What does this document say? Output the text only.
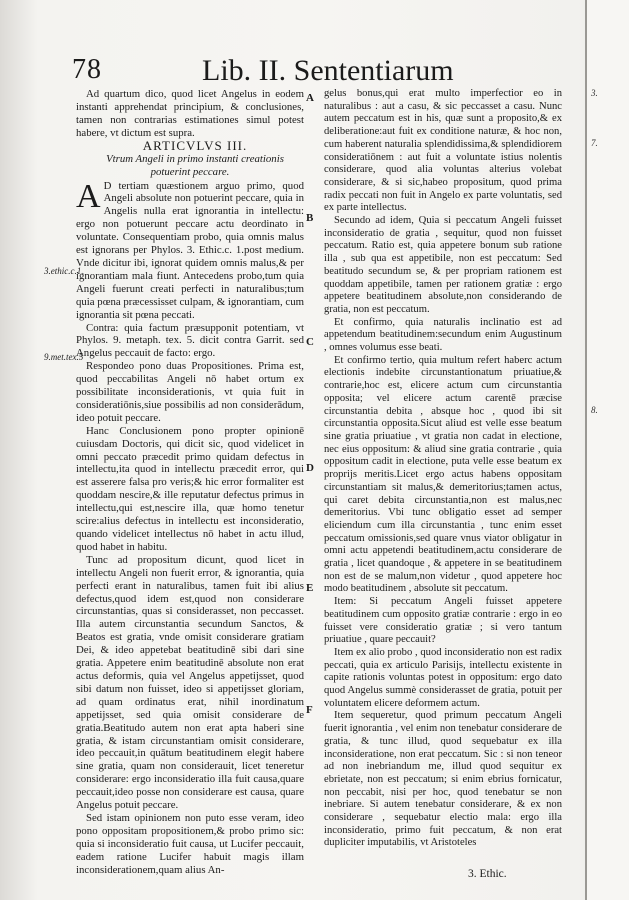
3.
7.
8.
78	Lib. II. Sententiarum
3.ethic.c.1.
9.met.tex.5
A
B
C
D
E
F

Ad quartum dico, quod licet Angelus in eodem instanti apprehendat principium, & conclusiones, tamen non contrarias estimationes simul potest habere, vt dictum est supra.

ARTICVLVS III.

Vtrum Angeli in primo instanti creationis potuerint peccare.

A D tertiam quæstionem arguo primo, quod Angeli absolute non potuerint peccare, quia in Angelis nulla erat ignorantia in intellectu: ergo non potuerunt peccare actu deordinato in voluntate. Consequentiam probo, quia omnis malus est ignorans per Phylos. 3. Ethic.c. 1.post medium. Vnde dicitur ibi, ignorat quidem omnis malus,& per ignorantiam mala fiunt. Antecedens probo,tum quia Angeli fuerunt creati perfecti in naturalibus;tum quia pœna præcessisset culpam, & ignorantiam, cum ignorantia sit pœna peccati.

Contra: quia factum præsupponit potentiam, vt Phylos. 9. metaph. tex. 5. dicit contra Garrit. sed Angelus peccauit de facto: ergo.

Respondeo pono duas Propositiones. Prima est, quod peccabilitas Angeli nō habet ortum ex possibilitate inconsiderationis, vt quia fuit in consideratiōnis,siue possibilis ad non considerādum, ideo potuit peccare.

Hanc Conclusionem pono propter opinionē cuiusdam Doctoris, qui dicit sic, quod videlicet in omni peccato præcedit primo quidam defectus in intellectu,ita quod in intellectu præcedit error, qui est asserere falsa pro veris;& hic error formaliter est quoddam nescire,& ille reputatur defectus primus in intellectu,qui est,nescire illa, quæ homo tenetur scire:alius defectus in intellectu est inconsideratio, quando videlicet intellectus nō habet in actu illud, quod habet in habitu.

Tunc ad propositum dicunt, quod licet in intellectu Angeli non fuerit error, & ignorantia, quia perfecti erant in naturalibus, tamen fuit ibi alius defectus,quod idem est,quod non considerare circunstantias, quas si considerasset, non peccasset. Illa autem circunstantia secundum Sanctos, & Beatos est gratia, vnde omisit considerare gratiam Dei, & ideo appetebat beatitudinē sibi dari sine gratia. Appetere enim beatitudinē absolute non erat actus deformis, quia vel Angelus appetijsset, quod sibi datum non fuisset, ideo si appetijsset gloriam, ad quam ordinatus erat, nihil inordinatum appetijsset, sed quia omisit considerare de gratia.Beatitudo autem non erat apta haberi sine gratia, & istam circunstantiam omisit considerare, ideo peccauit,in quātum beatitudinem elegit habere sine gratia, quam non considerauit, licet teneretur considerare: ergo inconsideratio illa fuit causa,quare peccauit,ideo posse non considerare est causa, quare Angelus potuit peccare.

Sed istam opinionem non puto esse veram, ideo pono oppositam propositionem,& probo primo sic: quia si inconsideratio fuit causa, ut Lucifer peccauit, eadem ratione Lucifer habuit magis illam inconsiderationem,quam alius An-

gelus bonus,qui erat multo imperfectior eo in naturalibus : aut a casu, & sic peccasset a casu. Nunc autem peccatum est in his, quæ sunt a proposito,& ex deliberatione:aut fuit ex conditione naturæ, & hoc non, cum haberent naturalia splendidissima,& splendidiorem consideratiōnem : aut fuit a voluntate istius nolentis considerare, quod alia voluntas alterius volebat considerare, & si sic,habeo propositum, quod prima radix peccati non fuit in Angelo ex parte voluntatis, sed ex parte intellectus.

Secundo ad idem, Quia si peccatum Angeli fuisset inconsideratio de gratia , sequitur, quod non fuisset peccatum. Ratio est, quia appetere bonum sub ratione illa , sub qua est appetibile, non est peccatum: Sed beatitudo secundum se, & per propriam rationem est quoddam appetibile, tamen per rationem gratiæ : ergo appetere beatitudinem absolute,non considerando de gratia, non est peccatum.

Et confirmo, quia naturalis inclinatio est ad appetendum beatitudinem:secundum enim Augustinum , omnes volumus esse beati.

Et confirmo tertio, quia multum refert haberc actum electionis indebite circunstantionatum priuatiue,& contrarie,hoc est, elicere actum cum circunstantia opposita; vel elicere actum carentē præcise circunstantia debita , absque hoc , quod ibi sit circunstantia opposita.Sicut aliud est velle esse beatum sine gratia priuatiue , vt gratia non cadat in electione, nec eius oppositum: & aliud sine gratia contrarie , quia oppositum cadit in electione, puta velle esse beatum ex proprijs meritis.Licet ergo actus habens oppositam circunstantiam sit malus,& demeritorius;tamen actus, qui caret debita circunstantia,non est malus,nec demeritorius. Vbi tunc obligatio esset ad semper eliciendum cum illa circunstantia , tunc enim esset peccatum omissionis,sed quare vnus viator obligatur in omni actu appetendi beatitudinem,actu considerare de gratia , licet quandoque , & appetere in se beatitudinem non est de se malum,non videtur , quod appetere hoc modo beatitudinem , absolute sit peccatum.

Item: Si peccatum Angeli fuisset appetere beatitudinem cum opposito gratiæ contrarie : ergo in eo fuisset vere consideratio gratiæ ; si vero tantum priuatiue , quare peccauit?

Item ex alio probo , quod inconsideratio non est radix peccati, quia ex articulo Parisijs, intellectu existente in capite rationis voluntas potest in oppositum: ergo dato quod Angelus summè considerasset de gratia, potuit per voluntatem elicere deformem actum.

Item sequeretur, quod primum peccatum Angeli fuerit ignorantia , vel enim non tenebatur considerare de gratia, & tunc illud, quod sequebatur ex illa inconsideratione, non erat peccatum. Sic : si non teneor ad non inebriandum me, illud quod sequitur ex ebrietate, non est peccatum; si enim ebrius fornicatur, non peccabit, nisi per hoc, quod tenebatur se non inebriare. Si autem tenebatur considerare, & ex non considerare , sequebatur electio mala: ergo illa inconsideratio, primo fuit peccatum, & non erat dupliciter imputabilis, vt Aristoteles

3. Ethic.
